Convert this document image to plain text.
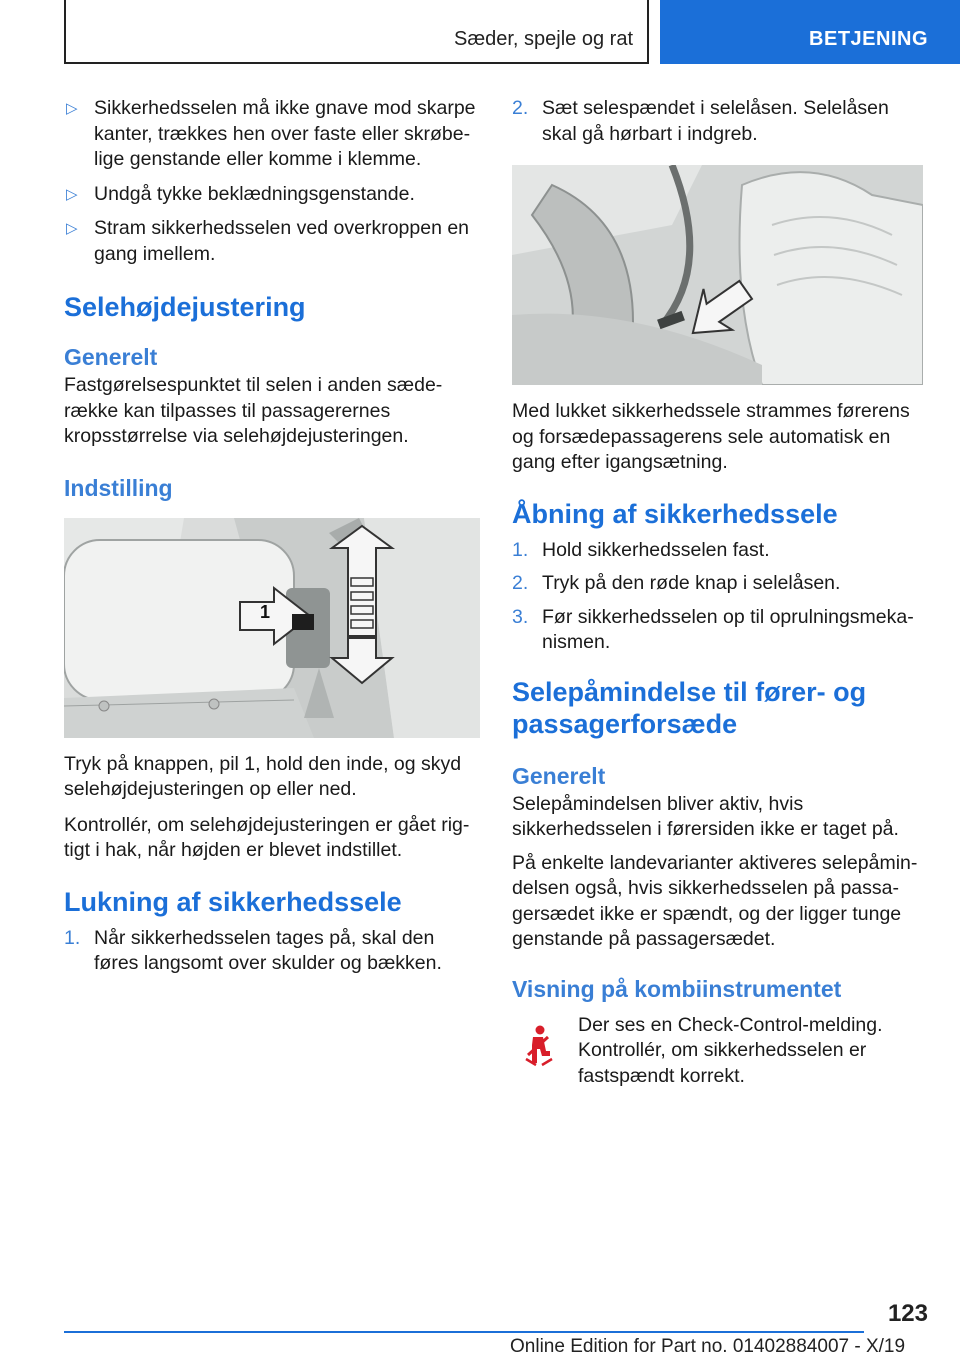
Sæder, spejle og rat	BETJENING
▷ Sikkerhedsselen må ikke gnave mod skarpe kanter, trækkes hen over faste eller skrøbelige genstande eller komme i klemme.
▷ Undgå tykke beklædningsgenstande.
▷ Stram sikkerhedsselen ved overkroppen en gang imellem.
Selehøjdejustering
Generelt
Fastgørelsespunktet til selen i anden sæderække kan tilpasses til passagerernes kropsstørrelse via selehøjdejusteringen.
Indstilling
1
Tryk på knappen, pil 1, hold den inde, og skyd selehøjdejusteringen op eller ned.
Kontrollér, om selehøjdejusteringen er gået rigtigt i hak, når højden er blevet indstillet.
Lukning af sikkerhedssele
1. Når sikkerhedsselen tages på, skal den føres langsomt over skulder og bækken.
2. Sæt selespændet i selelåsen. Selelåsen skal gå hørbart i indgreb.
Med lukket sikkerhedssele strammes førerens og forsædepassagerens sele automatisk en gang efter igangsætning.
Åbning af sikkerhedssele
1. Hold sikkerhedsselen fast.
2. Tryk på den røde knap i selelåsen.
3. Før sikkerhedsselen op til oprulningsmekanismen.
Selepåmindelse til fører- og passagerforsæde
Generelt
Selepåmindelsen bliver aktiv, hvis sikkerhedsselen i førersiden ikke er taget på.
På enkelte landevarianter aktiveres selepåmindelsen også, hvis sikkerhedsselen på passagersædet ikke er spændt, og der ligger tunge genstande på passagersædet.
Visning på kombiinstrumentet
Der ses en Check-Control-melding. Kontrollér, om sikkerhedsselen er fastspændt korrekt.
123
Online Edition for Part no. 01402884007 - X/19
